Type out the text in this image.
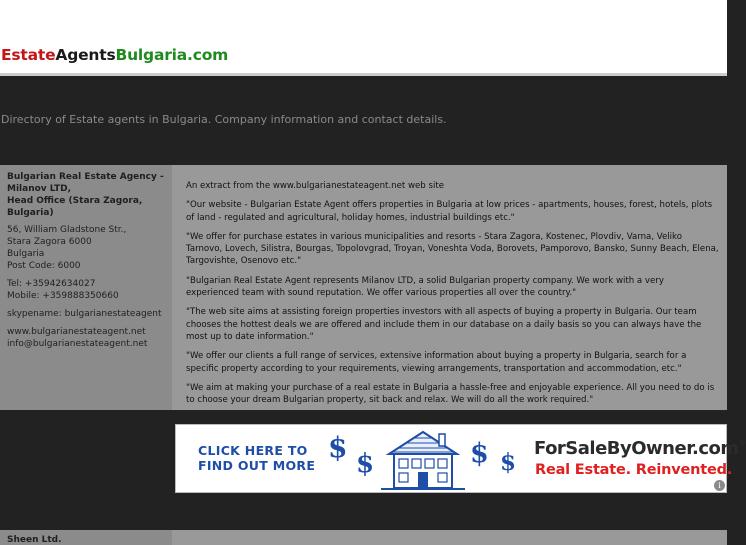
EstateAgentsBulgaria.com
Directory of Estate agents in Bulgaria. Company information and contact details.
Bulgarian Real Estate Agency - Milanov LTD,
Head Office (Stara Zagora, Bulgaria)
56, William Gladstone Str.,
Stara Zagora 6000
Bulgaria
Post Code: 6000
Tel: +35942634027
Mobile: +359888350660
skypename: bulgarianestateagent
www.bulgarianestateagent.net
info@bulgarianestateagent.net

An extract from the www.bulgarianestateagent.net web site

"Our website - Bulgarian Estate Agent offers properties in Bulgaria at low prices - apartments, houses, forest, hotels, plots of land - regulated and agricultural, holiday homes, industrial buildings etc."

"We offer for purchase estates in various municipalities and resorts - Stara Zagora, Kostenec, Plovdiv, Varna, Veliko Tarnovo, Lovech, Silistra, Bourgas, Topolovgrad, Troyan, Voneshta Voda, Borovets, Pamporovo, Bansko, Sunny Beach, Elena, Targovishte, Osenovo etc."

"Bulgarian Real Estate Agent represents Milanov LTD, a solid Bulgarian property company. We work with a very experienced team with sound reputation. We offer various properties all over the country."

"The web site aims at assisting foreign properties investors with all aspects of buying a property in Bulgaria. Our team chooses the hottest deals we are offered and include them in our database on a daily basis so you can always have the most up to date information."

"We offer our clients a full range of services, extensive information about buying a property in Bulgaria, search for a specific property according to your requirements, viewing arrangements, transportation and accommodation, etc."

"We aim at making your purchase of a real estate in Bulgaria a hassle-free and enjoyable experience. All you need to do is to choose your dream Bulgarian property, sit back and relax. We will do all the work required."

CLICK HERE TO
FIND OUT MORE
$ $	$ $
ForSaleByOwner.com®
Real Estate. Reinvented.
i
Sheen Ltd.
